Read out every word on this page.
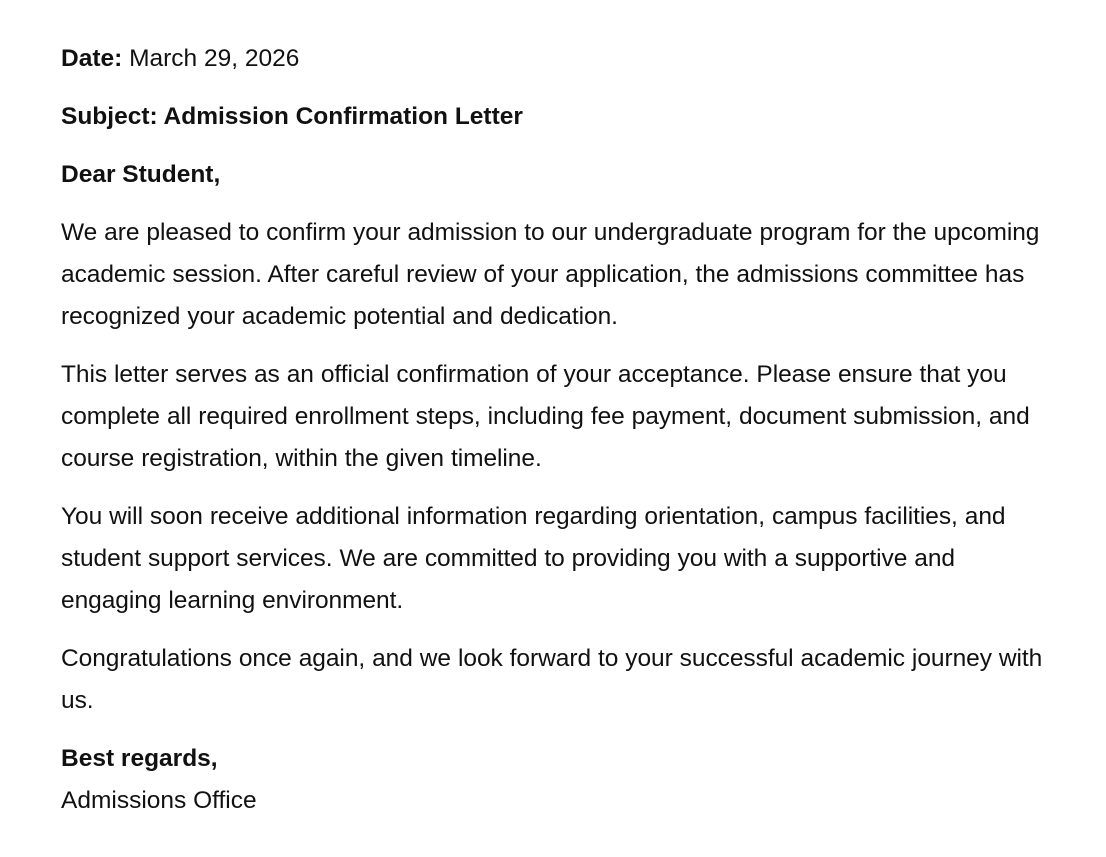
Date: March 29, 2026

Subject: Admission Confirmation Letter

Dear Student,

We are pleased to confirm your admission to our undergraduate program for the upcoming academic session. After careful review of your application, the admissions committee has recognized your academic potential and dedication.

This letter serves as an official confirmation of your acceptance. Please ensure that you complete all required enrollment steps, including fee payment, document submission, and course registration, within the given timeline.

You will soon receive additional information regarding orientation, campus facilities, and student support services. We are committed to providing you with a supportive and engaging learning environment.

Congratulations once again, and we look forward to your successful academic journey with us.

Best regards,

Admissions Office
